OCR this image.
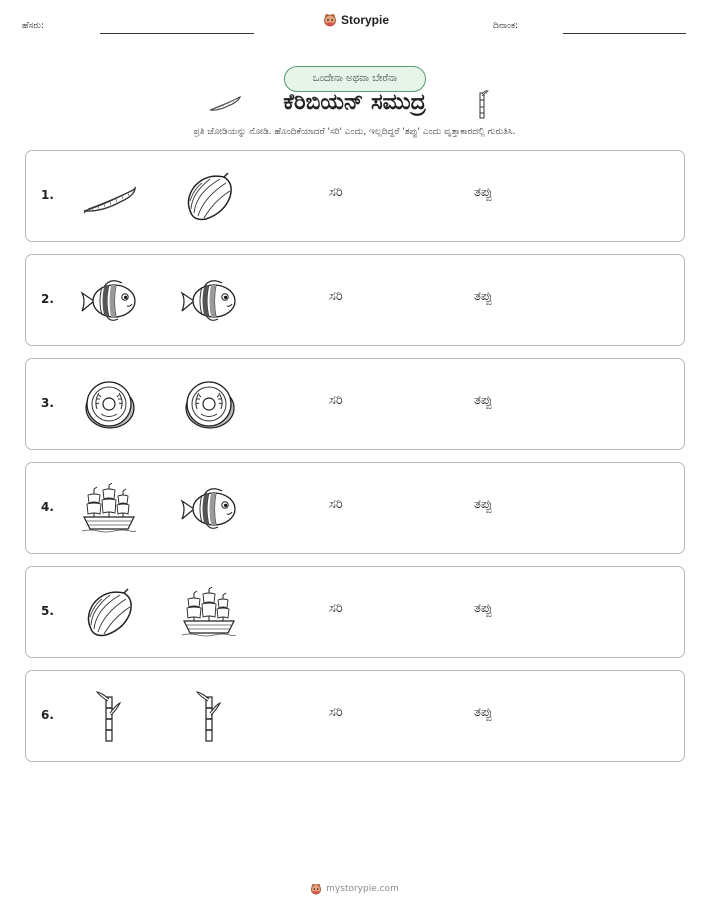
ಹೆಸರು:	Storypie	ದಿನಾಂಕ:
ಒಂದೇನಾ ಅಥವಾ ಬೇರೆನಾ
ಕೆರಿಬಿಯನ್ ಸಮುದ್ರ
ಪ್ರತಿ ಜೋಡಿಯನ್ನು ನೋಡಿ. ಹೊಂದಿಕೆಯಾದರೆ 'ಸರಿ' ಎಂದು, ಇಲ್ಲದಿದ್ದರೆ 'ತಪ್ಪು' ಎಂದು ವೃತ್ತಾಕಾರದಲ್ಲಿ ಗುರುತಿಸಿ.
1.	ಸರಿ	ತಪ್ಪು
2.	ಸರಿ	ತಪ್ಪು
3.	ಸರಿ	ತಪ್ಪು
4.	ಸರಿ	ತಪ್ಪು
5.	ಸರಿ	ತಪ್ಪು
6.	ಸರಿ	ತಪ್ಪು
mystorypie.com
